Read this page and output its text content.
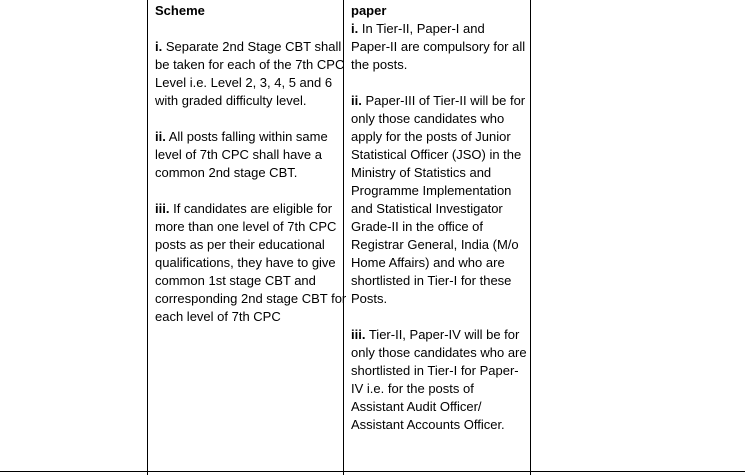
Scheme

i. Separate 2nd Stage CBT shall be taken for each of the 7th CPC Level i.e. Level 2, 3, 4, 5 and 6 with graded difficulty level.

ii. All posts falling within same level of 7th CPC shall have a common 2nd stage CBT.

iii. If candidates are eligible for more than one level of 7th CPC posts as per their educational qualifications, they have to give common 1st stage CBT and corresponding 2nd stage CBT for each level of 7th CPC

paper

i. In Tier-II, Paper-I and Paper-II are compulsory for all the posts.

ii. Paper-III of Tier-II will be for only those candidates who apply for the posts of Junior Statistical Officer (JSO) in the Ministry of Statistics and Programme Implementation and Statistical Investigator Grade-II in the office of Registrar General, India (M/o Home Affairs) and who are shortlisted in Tier-I for these Posts.

iii. Tier-II, Paper-IV will be for only those candidates who are shortlisted in Tier-I for Paper-IV i.e. for the posts of Assistant Audit Officer/ Assistant Accounts Officer.
